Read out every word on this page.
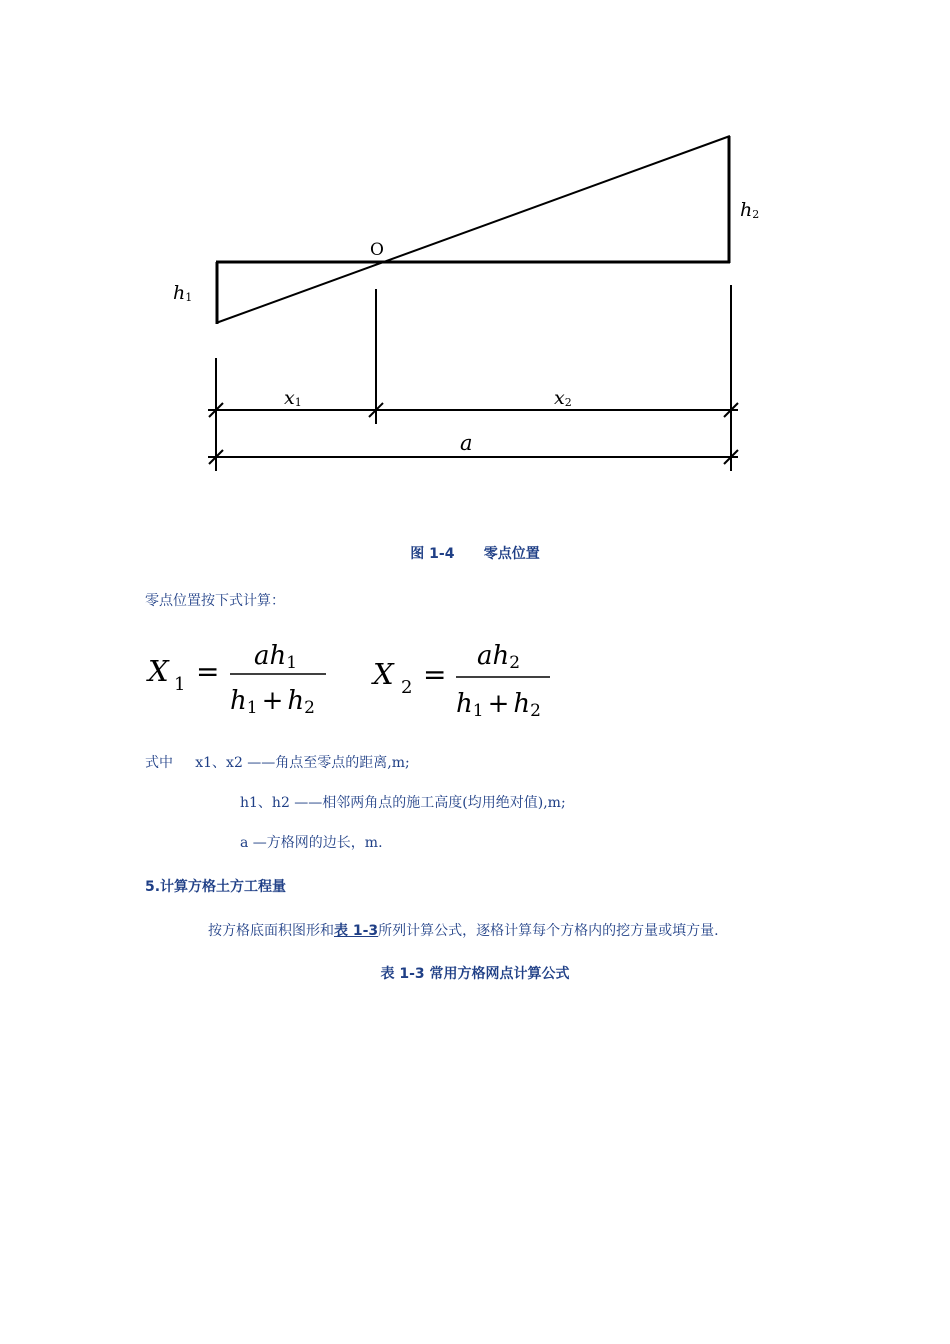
O
h1
h2
x1	x2
a
图 1-4      零点位置
零点位置按下式计算：
X 1 = ah1
h1 + h2
X 2 =
ah2
h1 + h2
式中     x1、x2 ——角点至零点的距离,m;
h1、h2 ——相邻两角点的施工高度(均用绝对值),m;
a —方格网的边长，m.
5.计算方格土方工程量
按方格底面积图形和表 1-3所列计算公式，逐格计算每个方格内的挖方量或填方量.
表 1-3 常用方格网点计算公式
